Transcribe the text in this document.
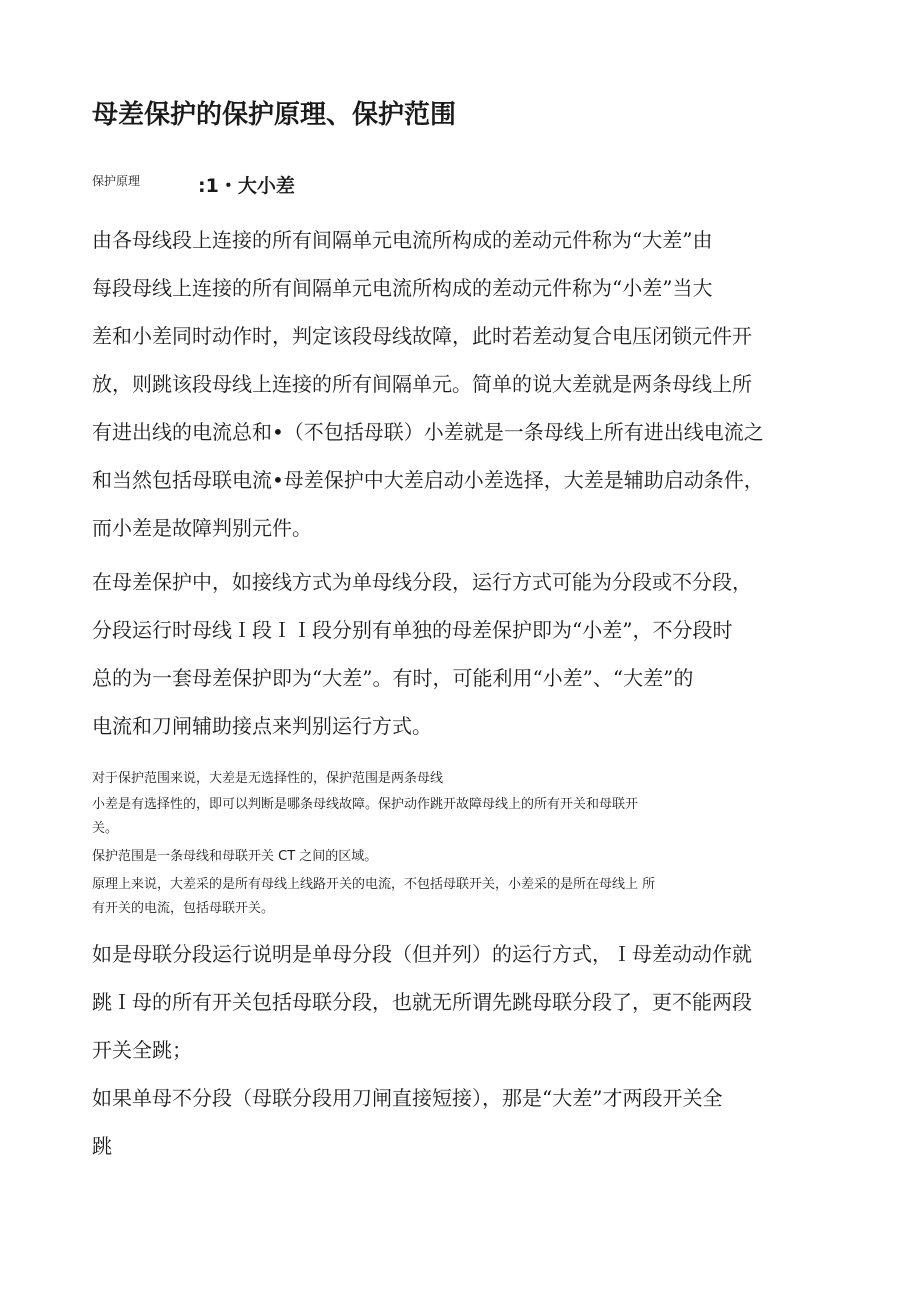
母差保护的保护原理、保护范围
保护原理	:1・大小差

由各母线段上连接的所有间隔单元电流所构成的差动元件称为“大差”由

每段母线上连接的所有间隔单元电流所构成的差动元件称为“小差”当大

差和小差同时动作时，判定该段母线故障，此时若差动复合电压闭锁元件开

放，则跳该段母线上连接的所有间隔单元。简单的说大差就是两条母线上所

有进出线的电流总和•（不包括母联）小差就是一条母线上所有进出线电流之

和当然包括母联电流•母差保护中大差启动小差选择，大差是辅助启动条件，

而小差是故障判别元件。

在母差保护中，如接线方式为单母线分段，运行方式可能为分段或不分段，

分段运行时母线Ｉ段ＩＩ段分别有单独的母差保护即为“小差”，不分段时

总的为一套母差保护即为“大差”。有时，可能利用“小差”、“大差”的

电流和刀闸辅助接点来判别运行方式。

对于保护范围来说，大差是无选择性的，保护范围是两条母线

小差是有选择性的，即可以判断是哪条母线故障。保护动作跳开故障母线上的所有开关和母联开

关。

保护范围是一条母线和母联开关 CT 之间的区域。

原理上来说，大差采的是所有母线上线路开关的电流，不包括母联开关，小差采的是所在母线上 所

有开关的电流，包括母联开关。

如是母联分段运行说明是单母分段（但并列）的运行方式，Ｉ母差动动作就

跳Ｉ母的所有开关包括母联分段，也就无所谓先跳母联分段了，更不能两段

开关全跳；

如果单母不分段（母联分段用刀闸直接短接），那是“大差”才两段开关全

跳
